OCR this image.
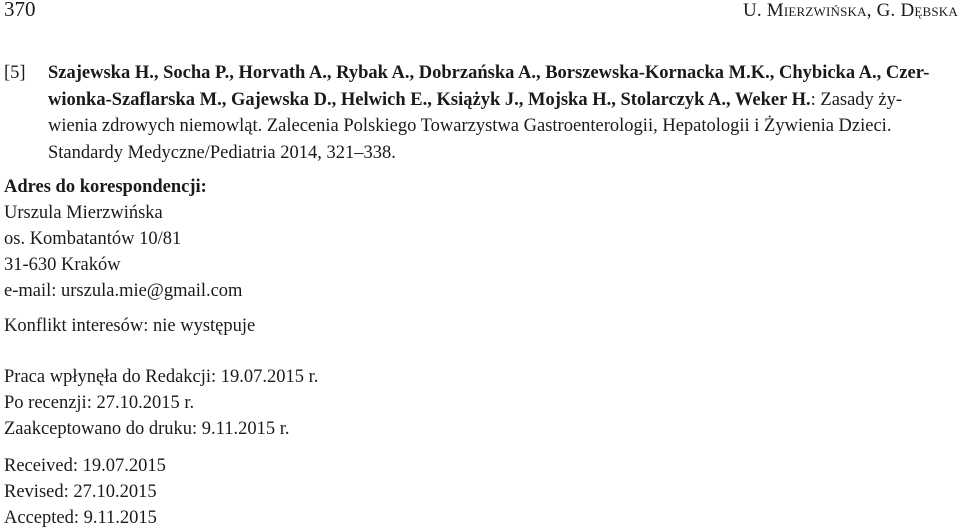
370	U. Mierzwińska, G. Dębska
[5] Szajewska H., Socha P., Horvath A., Rybak A., Dobrzańska A., Borszewska-Kornacka M.K., Chybicka A., Czer-
wionka-Szaflarska M., Gajewska D., Helwich E., Książyk J., Mojska H., Stolarczyk A., Weker H.: Zasady ży-
wienia zdrowych niemowląt. Zalecenia Polskiego Towarzystwa Gastroenterologii, Hepatologii i Żywienia Dzieci.
Standardy Medyczne/Pediatria 2014, 321–338.
Adres do korespondencji:
Urszula Mierzwińska
os. Kombatantów 10/81
31-630 Kraków
e-mail: urszula.mie@gmail.com
Konflikt interesów: nie występuje
Praca wpłynęła do Redakcji: 19.07.2015 r.
Po recenzji: 27.10.2015 r.
Zaakceptowano do druku: 9.11.2015 r.
Received: 19.07.2015
Revised: 27.10.2015
Accepted: 9.11.2015
